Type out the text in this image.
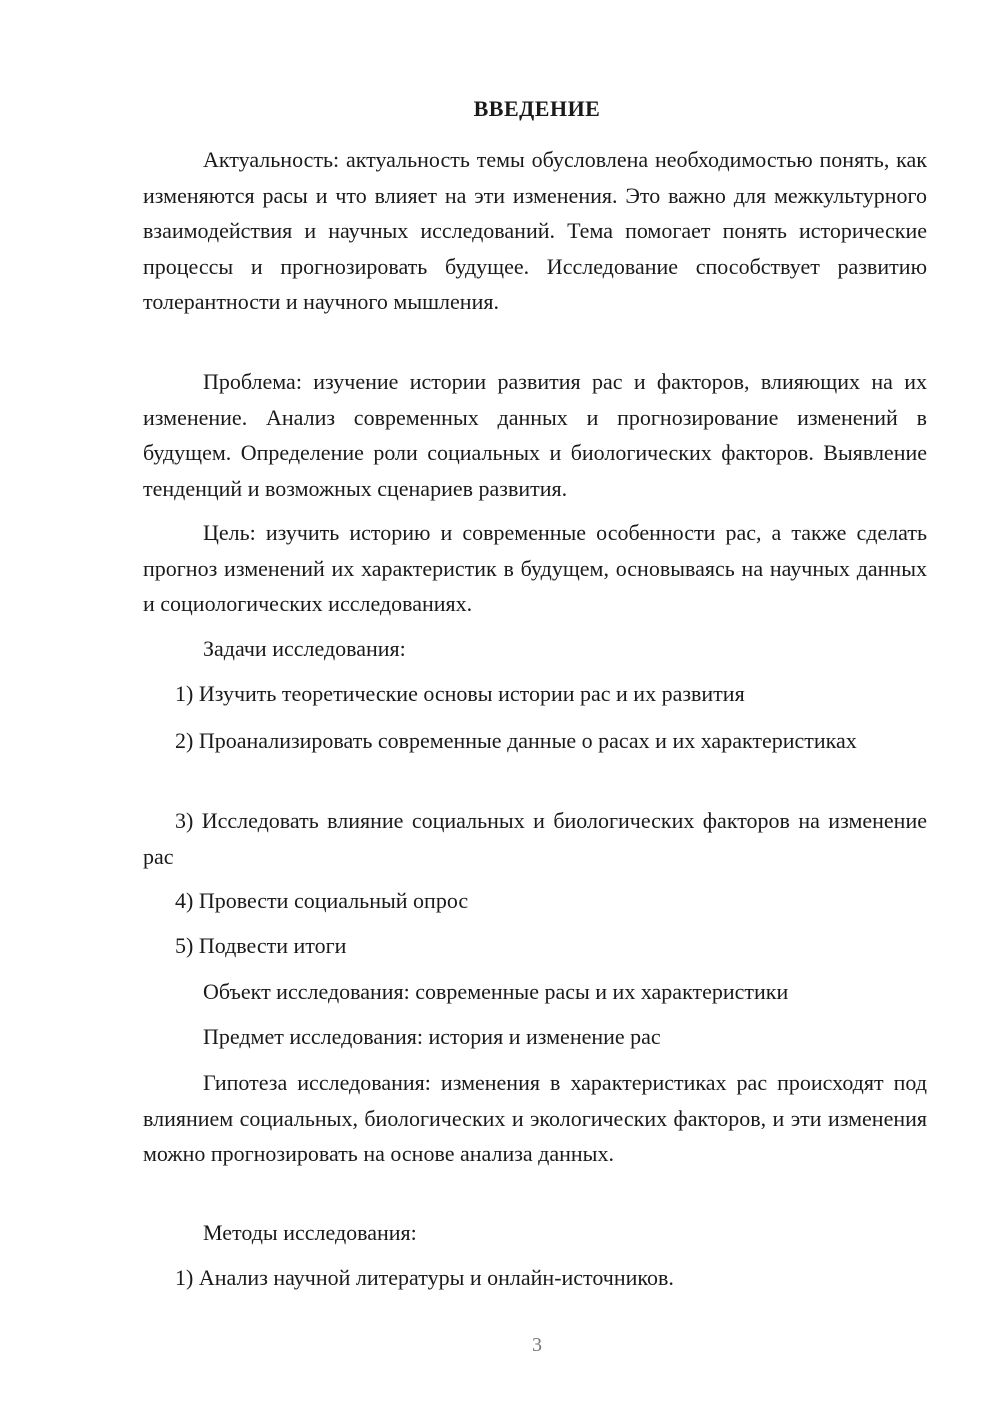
ВВЕДЕНИЕ

Актуальность: актуальность темы обусловлена необходимостью понять, как изменяются расы и что влияет на эти изменения. Это важно для межкультурного взаимодействия и научных исследований. Тема помогает понять исторические процессы и прогнозировать будущее. Исследование способствует развитию толерантности и научного мышления.

Проблема: изучение истории развития рас и факторов, влияющих на их изменение. Анализ современных данных и прогнозирование изменений в будущем. Определение роли социальных и биологических факторов. Выявление тенденций и возможных сценариев развития.

Цель: изучить историю и современные особенности рас, а также сделать прогноз изменений их характеристик в будущем, основываясь на научных данных и социологических исследованиях.

Задачи исследования:

1) Изучить теоретические основы истории рас и их развития

2) Проанализировать современные данные о расах и их характеристиках

3) Исследовать влияние социальных и биологических факторов на изменение рас

4) Провести социальный опрос

5) Подвести итоги

Объект исследования: современные расы и их характеристики

Предмет исследования: история и изменение рас

Гипотеза исследования: изменения в характеристиках рас происходят под влиянием социальных, биологических и экологических факторов, и эти изменения можно прогнозировать на основе анализа данных.

Методы исследования:

1) Анализ научной литературы и онлайн-источников.

3
